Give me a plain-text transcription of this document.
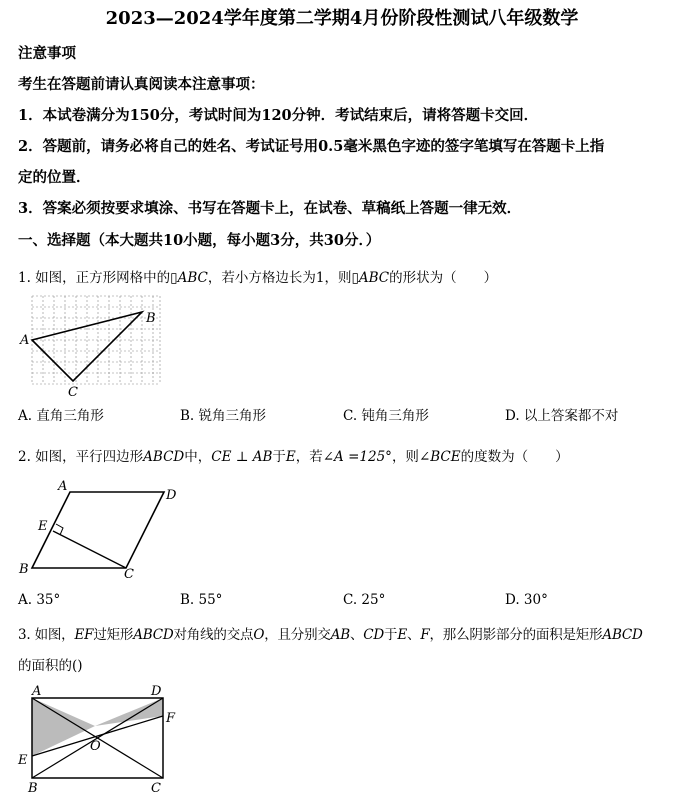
2023—2024学年度第二学期4月份阶段性测试八年级数学
注意事项
考生在答题前请认真阅读本注意事项：
1．本试卷满分为150分，考试时间为120分钟．考试结束后，请将答题卡交回．
2．答题前，请务必将自己的姓名、考试证号用0.5毫米黑色字迹的签字笔填写在答题卡上指
定的位置．
3．答案必须按要求填涂、书写在答题卡上，在试卷、草稿纸上答题一律无效．
一、选择题（本大题共10小题，每小题3分，共30分．）
1. 如图，正方形网格中的▯ABC，若小方格边长为1，则▯ABC的形状为（　　）
A
B
C
A. 直角三角形	B. 锐角三角形	C. 钝角三角形	D. 以上答案都不对
2. 如图，平行四边形ABCD中，CE ⊥ AB于E，若∠A =125°，则∠BCE的度数为（　　）
A
D
E
B	C
A. 35°	B. 55°	C. 25°	D. 30°
3. 如图，EF过矩形ABCD对角线的交点O，且分别交AB、CD于E、F，那么阴影部分的面积是矩形ABCD
的面积的()
A	D
F
O
E
B	C
